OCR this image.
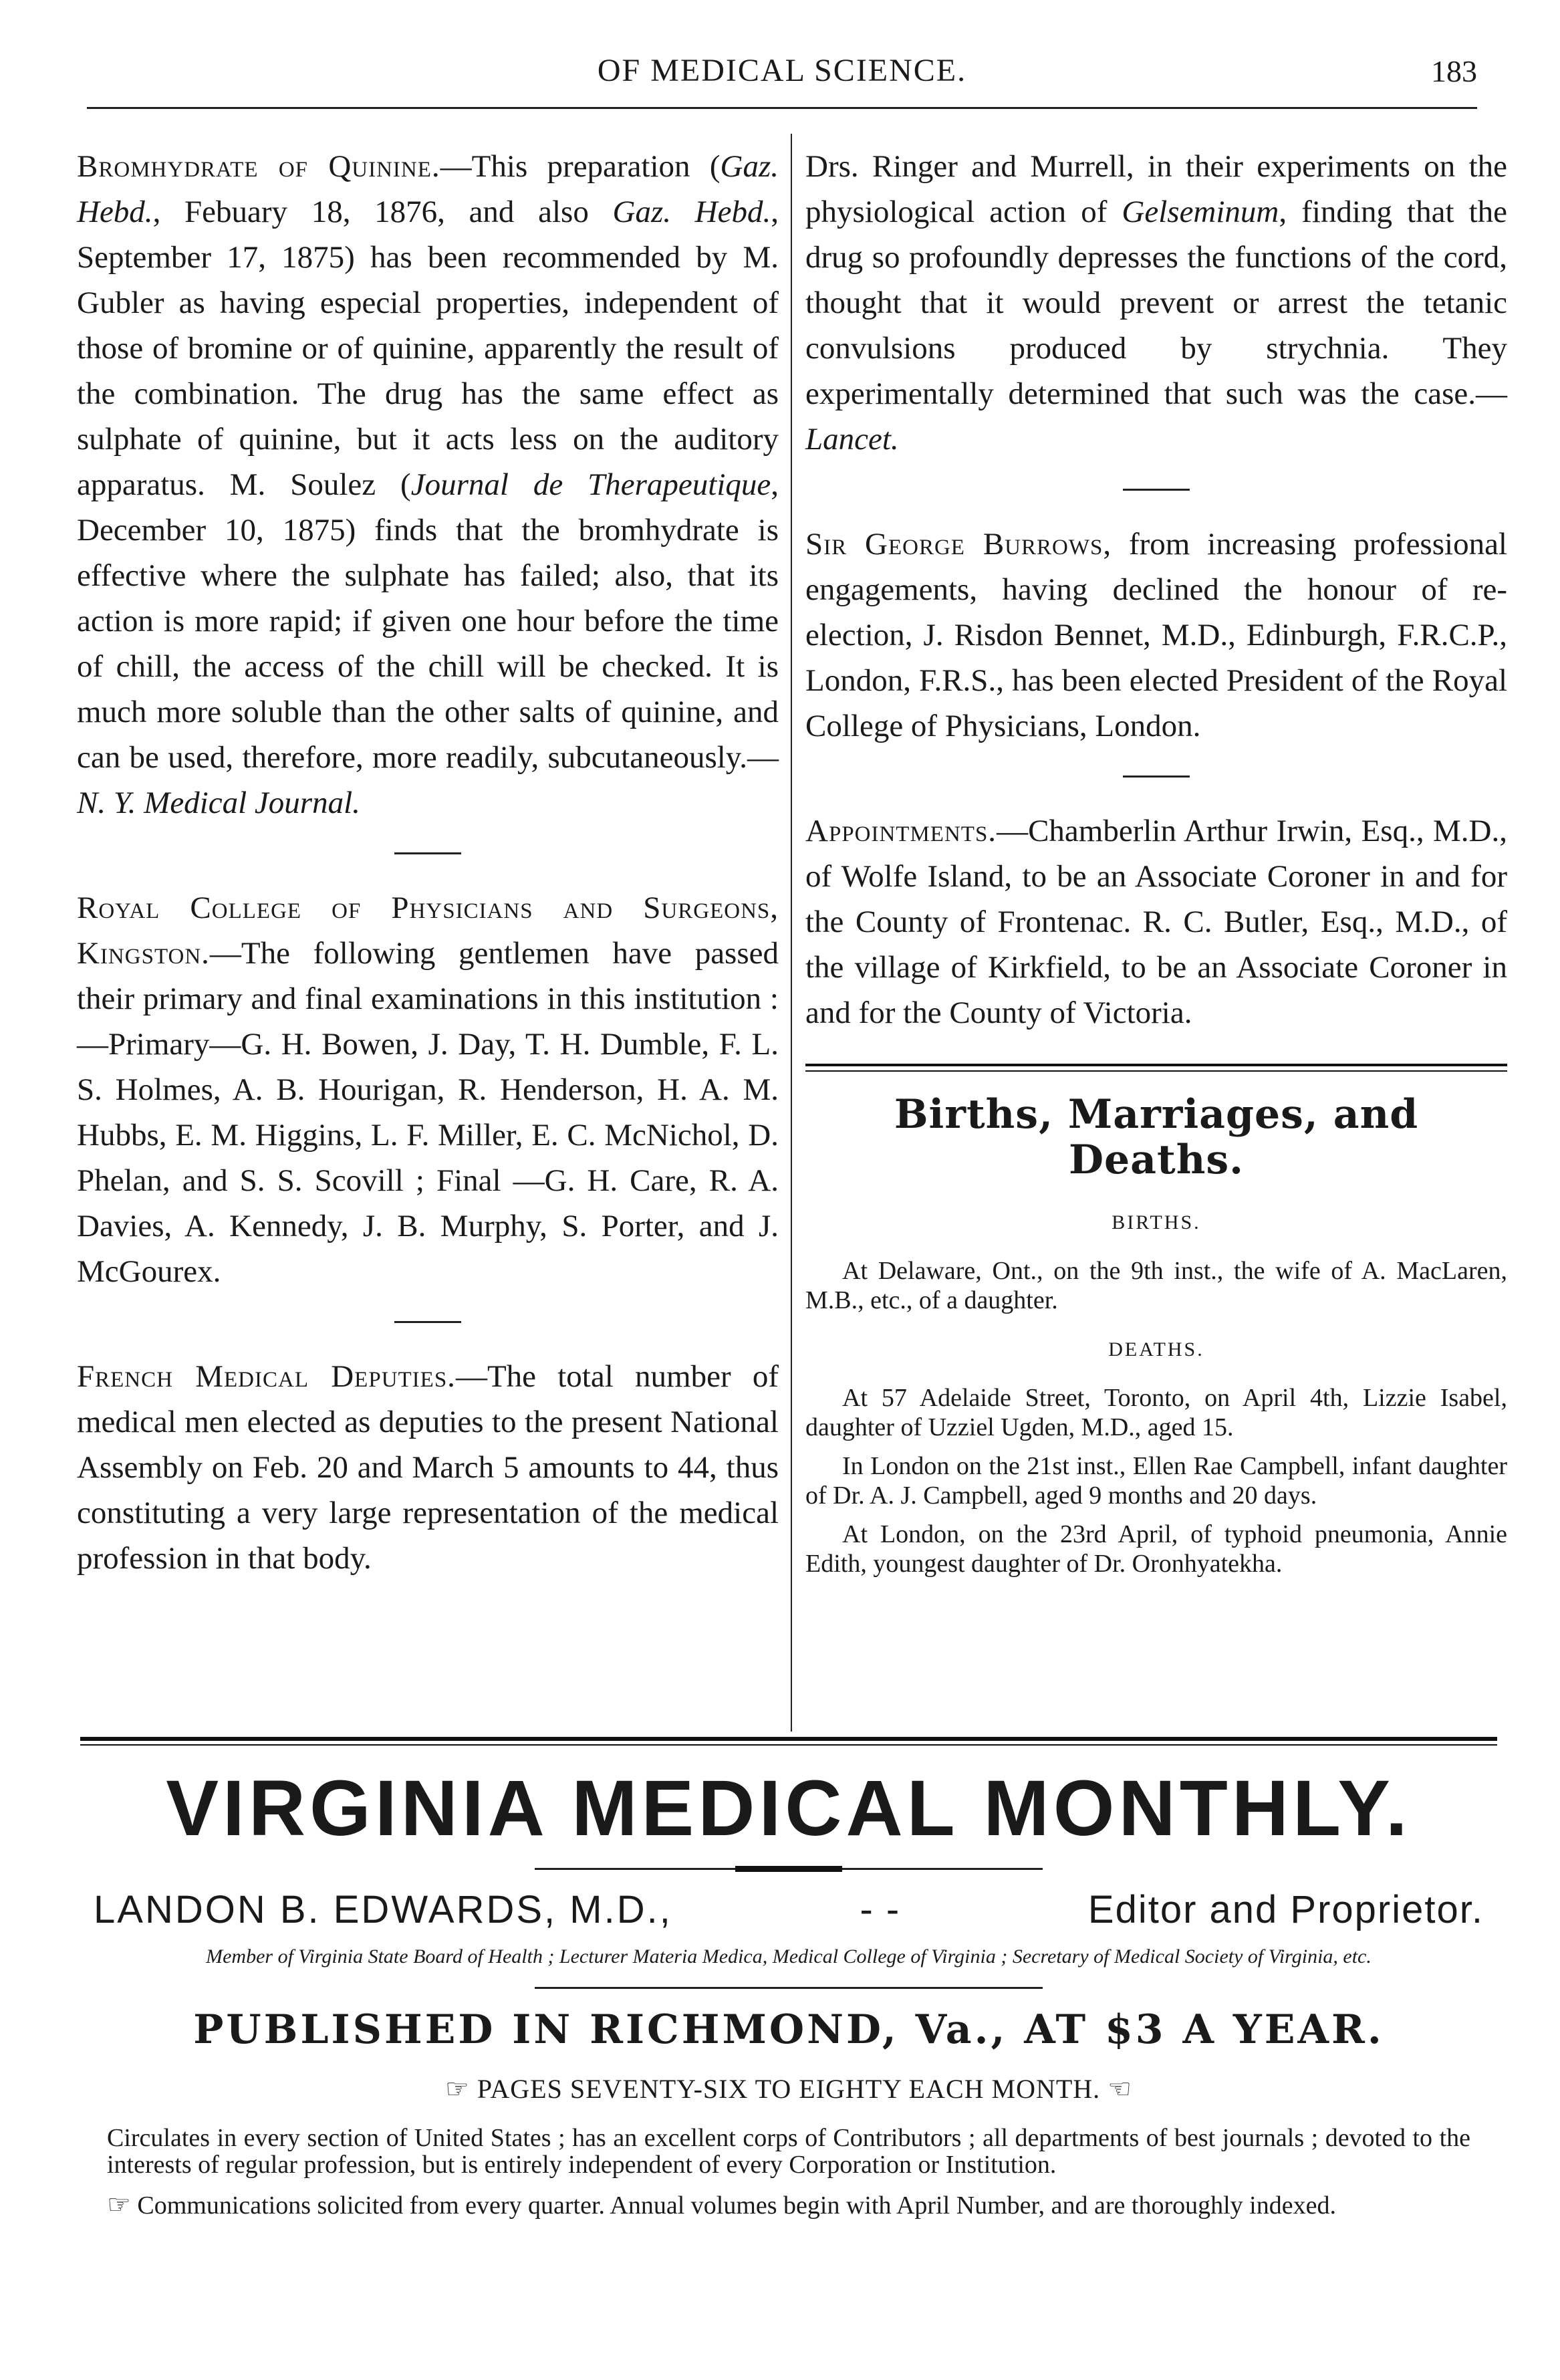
OF MEDICAL SCIENCE.	183

Bromhydrate of Quinine.—This preparation (Gaz. Hebd., Febuary 18, 1876, and also Gaz. Hebd., September 17, 1875) has been recommended by M. Gubler as having especial properties, independent of those of bromine or of quinine, apparently the result of the combination. The drug has the same effect as sulphate of quinine, but it acts less on the auditory apparatus. M. Soulez (Journal de Therapeutique, December 10, 1875) finds that the bromhydrate is effective where the sulphate has failed; also, that its action is more rapid; if given one hour before the time of chill, the access of the chill will be checked. It is much more soluble than the other salts of quinine, and can be used, therefore, more readily, subcutaneously.—N. Y. Medical Journal.

Royal College of Physicians and Surgeons, Kingston.—The following gentlemen have passed their primary and final examinations in this institution :—Primary—G. H. Bowen, J. Day, T. H. Dumble, F. L. S. Holmes, A. B. Hourigan, R. Henderson, H. A. M. Hubbs, E. M. Higgins, L. F. Miller, E. C. McNichol, D. Phelan, and S. S. Scovill ; Final —G. H. Care, R. A. Davies, A. Kennedy, J. B. Murphy, S. Porter, and J. McGourex.

French Medical Deputies.—The total number of medical men elected as deputies to the present National Assembly on Feb. 20 and March 5 amounts to 44, thus constituting a very large representation of the medical profession in that body.

Drs. Ringer and Murrell, in their experiments on the physiological action of Gelseminum, finding that the drug so profoundly depresses the functions of the cord, thought that it would prevent or arrest the tetanic convulsions produced by strychnia. They experimentally determined that such was the case.—Lancet.

Sir George Burrows, from increasing professional engagements, having declined the honour of re-election, J. Risdon Bennet, M.D., Edinburgh, F.R.C.P., London, F.R.S., has been elected President of the Royal College of Physicians, London.

Appointments.—Chamberlin Arthur Irwin, Esq., M.D., of Wolfe Island, to be an Associate Coroner in and for the County of Frontenac. R. C. Butler, Esq., M.D., of the village of Kirkfield, to be an Associate Coroner in and for the County of Victoria.

Births, Marriages, and Deaths.
BIRTHS.

At Delaware, Ont., on the 9th inst., the wife of A. MacLaren, M.B., etc., of a daughter.

DEATHS.

At 57 Adelaide Street, Toronto, on April 4th, Lizzie Isabel, daughter of Uzziel Ugden, M.D., aged 15.

In London on the 21st inst., Ellen Rae Campbell, infant daughter of Dr. A. J. Campbell, aged 9 months and 20 days.

At London, on the 23rd April, of typhoid pneumonia, Annie Edith, youngest daughter of Dr. Oronhyatekha.

VIRGINIA MEDICAL MONTHLY.
LANDON B. EDWARDS, M.D.,	- -	Editor and Proprietor.
Member of Virginia State Board of Health ; Lecturer Materia Medica, Medical College of Virginia ; Secretary of Medical Society of Virginia, etc.
PUBLISHED IN RICHMOND, Va., AT $3 A YEAR.
☞ PAGES SEVENTY-SIX TO EIGHTY EACH MONTH. ☜
Circulates in every section of United States ; has an excellent corps of Contributors ; all departments of best journals ; devoted to the interests of regular profession, but is entirely independent of every Corporation or Institution.
☞ Communications solicited from every quarter. Annual volumes begin with April Number, and are thoroughly indexed.
